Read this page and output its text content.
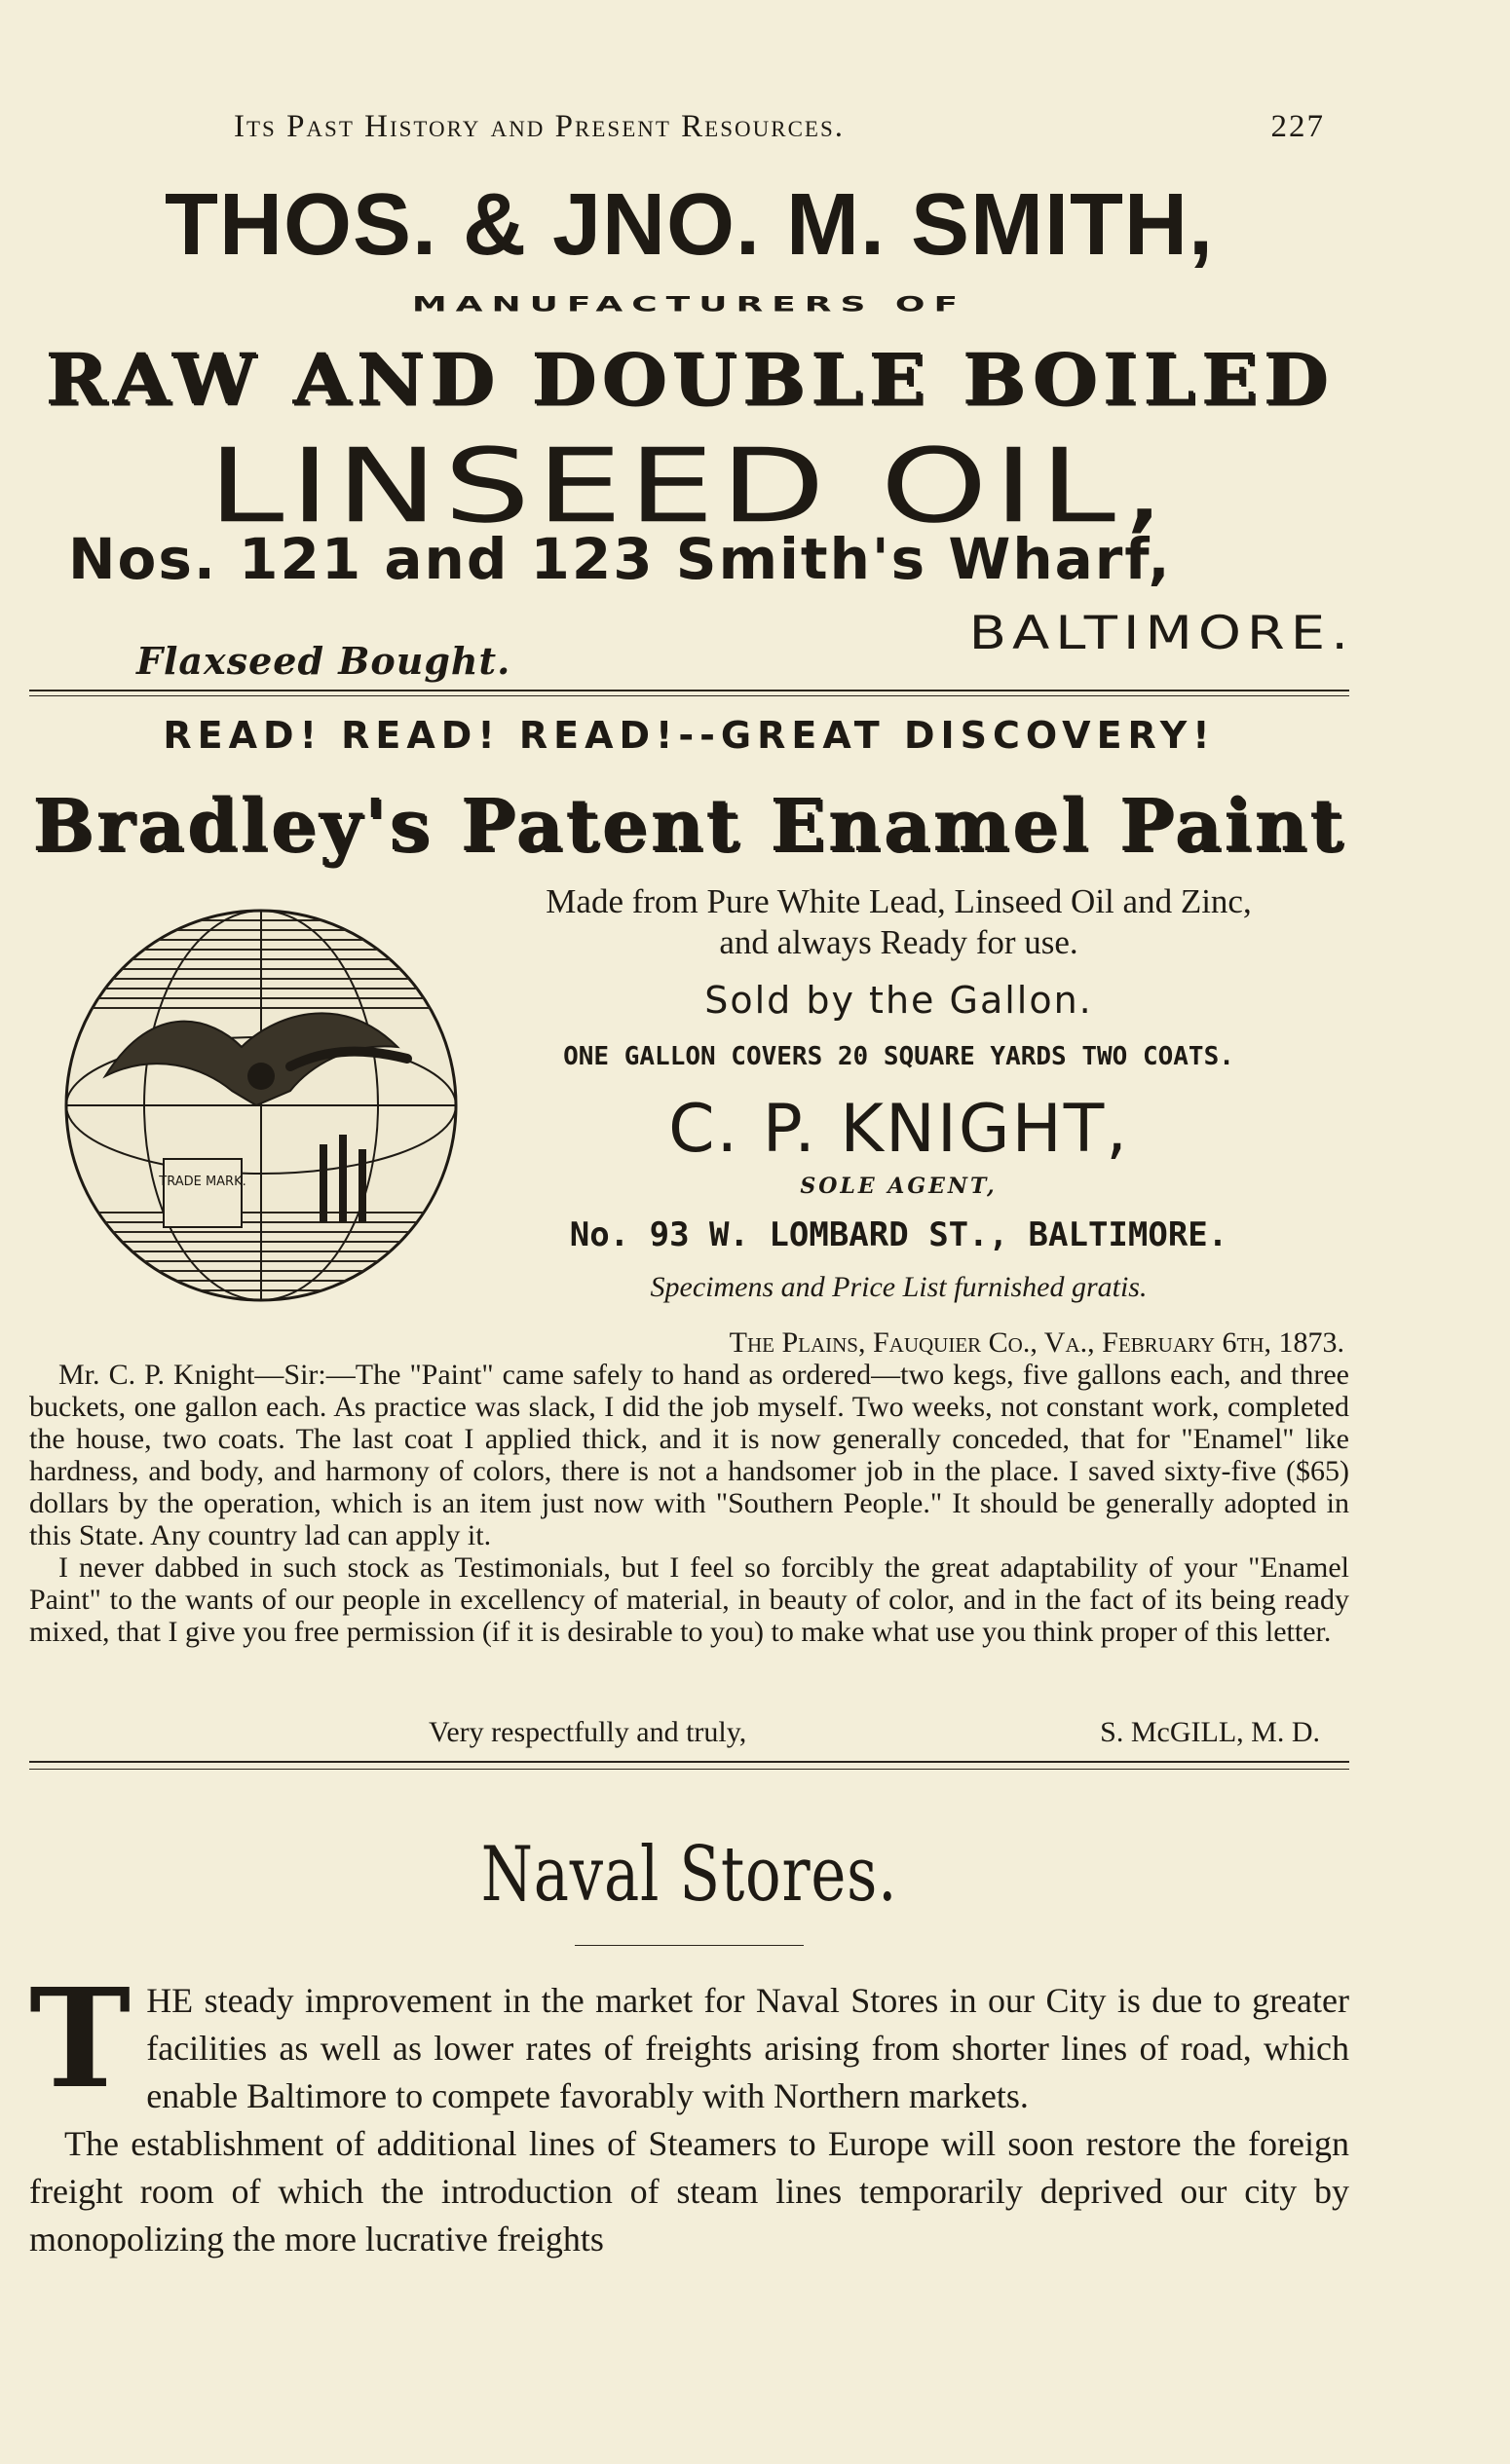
Its Past History and Present Resources.	227
THOS. & JNO. M. SMITH,
MANUFACTURERS OF
RAW AND DOUBLE BOILED
LINSEED OIL,
Nos. 121 and 123 Smith's Wharf,
BALTIMORE.
Flaxseed Bought.
READ! READ! READ!--GREAT DISCOVERY!
Bradley's Patent Enamel Paint
TRADE MARK.
Made from Pure White Lead, Linseed Oil and Zinc,
and always Ready for use.
Sold by the Gallon.
ONE GALLON COVERS 20 SQUARE YARDS TWO COATS.
C. P. KNIGHT,
SOLE AGENT,
No. 93 W. LOMBARD ST., BALTIMORE.
Specimens and Price List furnished gratis.
The Plains, Fauquier Co., Va., February 6th, 1873.

Mr. C. P. Knight—Sir:—The "Paint" came safely to hand as ordered—two kegs, five gallons each, and three buckets, one gallon each. As practice was slack, I did the job myself. Two weeks, not constant work, completed the house, two coats. The last coat I applied thick, and it is now generally conceded, that for "Enamel" like hardness, and body, and harmony of colors, there is not a handsomer job in the place. I saved sixty-five ($65) dollars by the operation, which is an item just now with "Southern People." It should be generally adopted in this State. Any country lad can apply it.

I never dabbed in such stock as Testimonials, but I feel so forcibly the great adaptability of your "Enamel Paint" to the wants of our people in excellency of material, in beauty of color, and in the fact of its being ready mixed, that I give you free permission (if it is desirable to you) to make what use you think proper of this letter.

Very respectfully and truly,	S. McGILL, M. D.
Naval Stores.

T HE steady improvement in the market for Naval Stores in our City is due to greater facilities as well as lower rates of freights arising from shorter lines of road, which enable Baltimore to compete favorably with Northern markets.

The establishment of additional lines of Steamers to Europe will soon restore the foreign freight room of which the introduction of steam lines temporarily deprived our city by monopolizing the more lucrative freights
